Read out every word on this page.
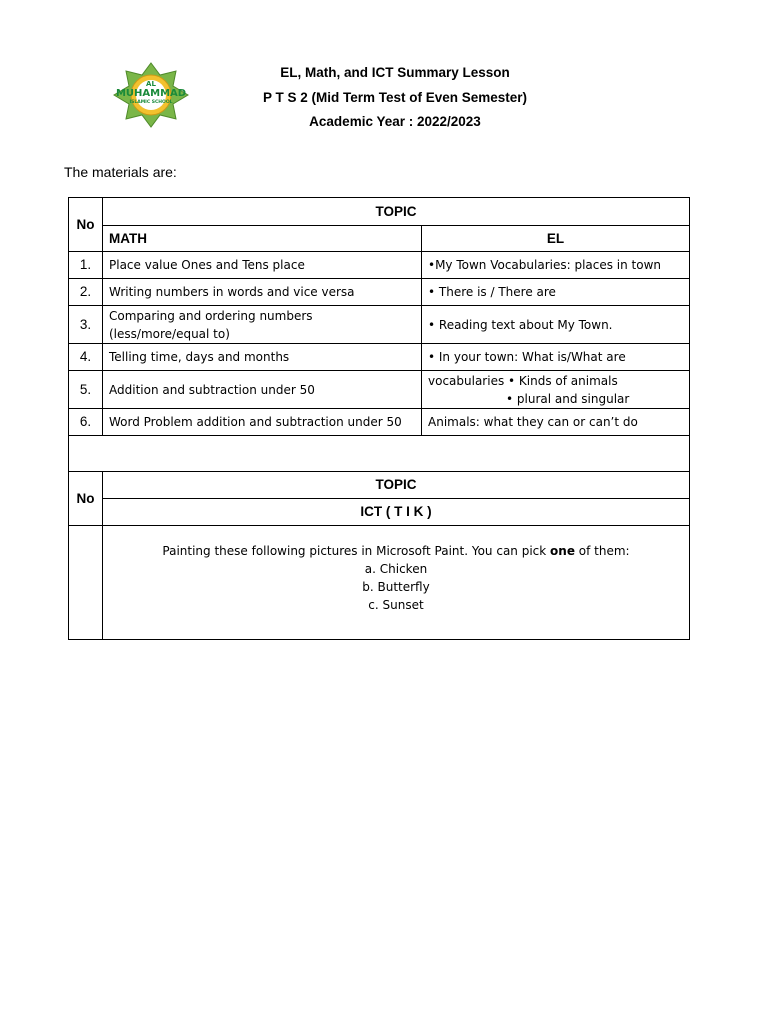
AL
MUHAMMAD
ISLAMIC SCHOOL
EL, Math, and ICT Summary Lesson
P T S 2 (Mid Term Test of Even Semester)
Academic Year : 2022/2023
The materials are:
No	TOPIC	
	MATH	EL
1.	Place value Ones and Tens place	•My Town Vocabularies: places in town
2.	Writing numbers in words and vice versa	• There is / There are
3.	Comparing and ordering numbers (less/more/equal to)	• Reading text about My Town.
4.	Telling time, days and months	• In your town: What is/What are
5.	Addition and subtraction under 50	vocabularies • Kinds of animals
• plural and singular

6.	Word Problem addition and subtraction under 50	Animals: what they can or can’t do

No	TOPIC
	ICT ( T I K )

	Painting these following pictures in Microsoft Paint. You can pick one of them:
a. Chicken
b. Butterfly
c. Sunset
